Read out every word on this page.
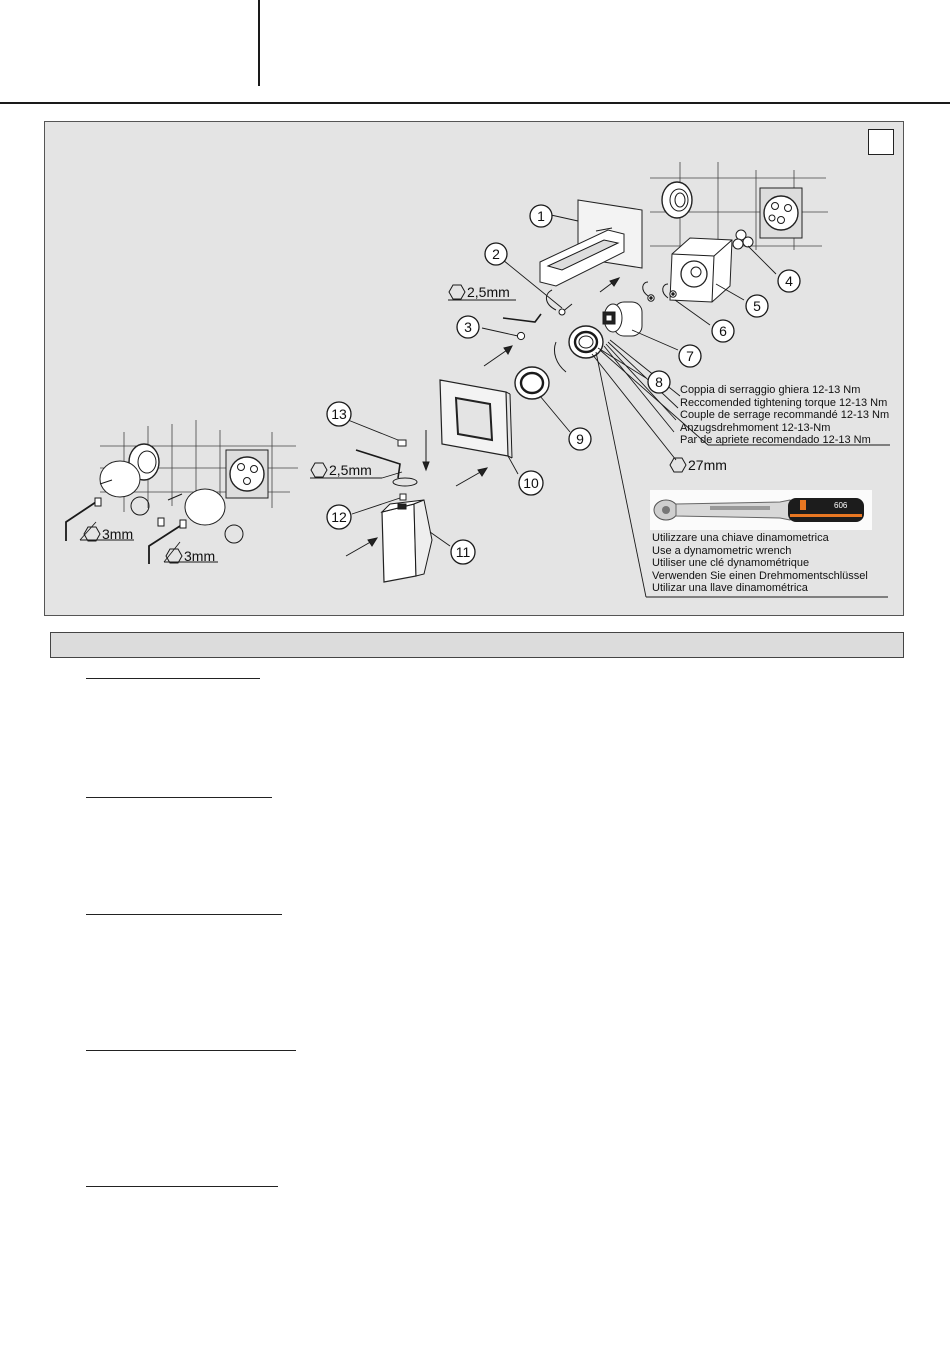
1
2
3
4
5
6
7
8
9
10
11
12
13
2,5mm
2,5mm
3mm
3mm
27mm
Coppia di serraggio ghiera 12-13 Nm
Reccomended tightening torque 12-13 Nm
Couple de serrage recommandé 12-13 Nm
Anzugsdrehmoment 12-13-Nm
Par de apriete recomendado 12-13 Nm
606
Utilizzare una chiave dinamometrica
Use a dynamometric wrench
Utiliser une clé dynamométrique
Verwenden Sie einen Drehmomentschlüssel
Utilizar una llave dinamométrica
